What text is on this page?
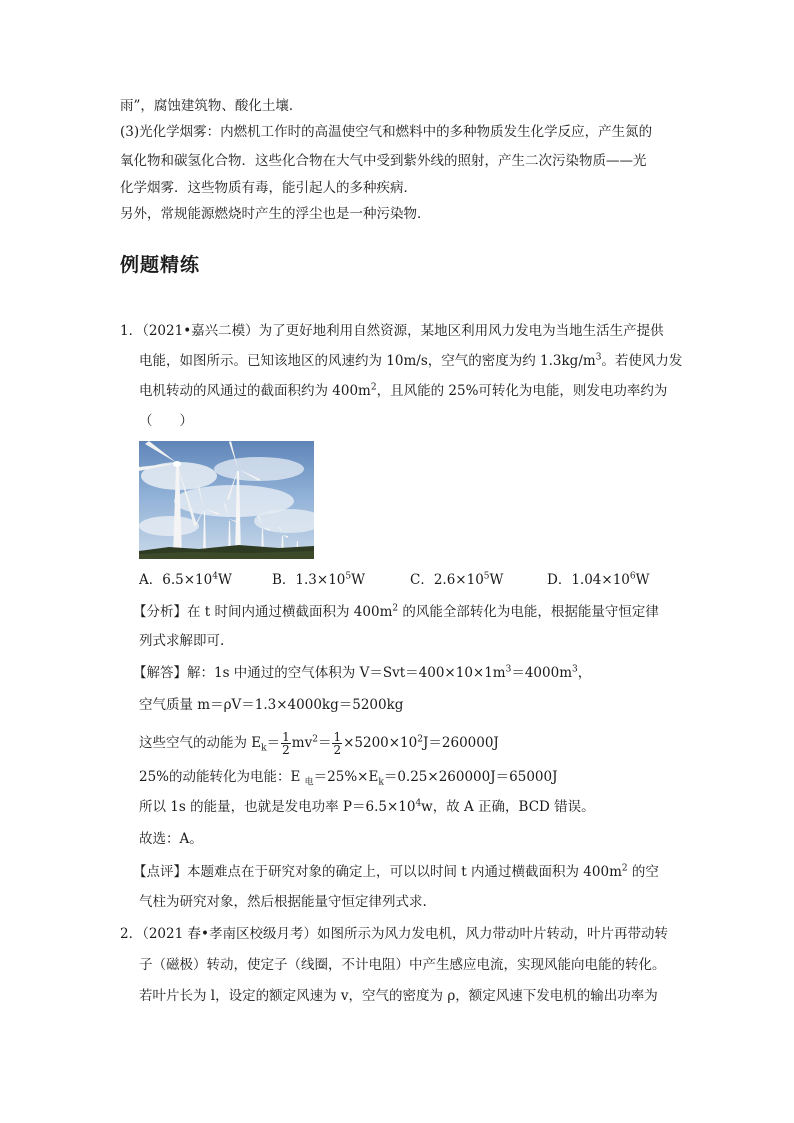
雨”，腐蚀建筑物、酸化土壤．
(3)光化学烟雾：内燃机工作时的高温使空气和燃料中的多种物质发生化学反应，产生氮的
氧化物和碳氢化合物．这些化合物在大气中受到紫外线的照射，产生二次污染物质——光
化学烟雾．这些物质有毒，能引起人的多种疾病．
另外，常规能源燃烧时产生的浮尘也是一种污染物．
例题精练
1．（2021•嘉兴二模）为了更好地利用自然资源，某地区利用风力发电为当地生活生产提供
电能，如图所示。已知该地区的风速约为 10m/s，空气的密度为约 $1.3kg/m^3$。若使风力发
电机转动的风通过的截面积约为 $400m^2$，且风能的 25%可转化为电能，则发电功率约为
（　　）
A．$6.5\times 10^4W$	B．$1.3\times 10^5W$	C．$2.6\times 10^5W$	D．$1.04\times 10^6W$
【分析】在 t 时间内通过横截面积为 $400m^2$ 的风能全部转化为电能，根据能量守恒定律
列式求解即可.
【解答】解：1s 中通过的空气体积为 $V=Svt=400\times 10\times 1m^3=4000m^3$，
空气质量 m＝ρV＝1.3×4000kg＝5200kg
这些空气的动能为 $E_k= \frac{1}{2} mv^2= \frac{1}{2} \times 5200\times 10^2J=260000J$
25%的动能转化为电能：E $_电=25\%\times E_k=0.25\times 260000J=65000J$
所以 1s 的能量，也就是发电功率 $P=6.5\times 10^4w$，故 A 正确，BCD 错误。
故选：A。
【点评】本题难点在于研究对象的确定上，可以以时间 t 内通过横截面积为 $400m^2$ 的空
气柱为研究对象，然后根据能量守恒定律列式求.
2．（2021 春•孝南区校级月考）如图所示为风力发电机，风力带动叶片转动，叶片再带动转
子（磁极）转动，使定子（线圈，不计电阻）中产生感应电流，实现风能向电能的转化。
若叶片长为 l，设定的额定风速为 v，空气的密度为 ρ，额定风速下发电机的输出功率为
